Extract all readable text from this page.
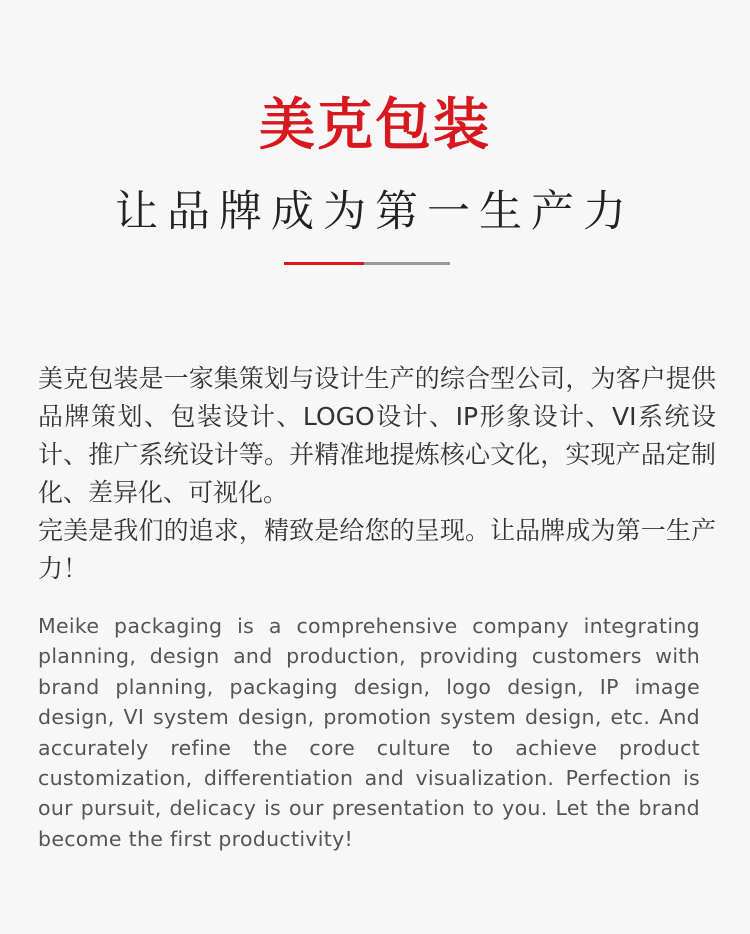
美克包装
让品牌成为第一生产力

美克包装是一家集策划与设计生产的综合型公司，为客户提供品牌策划、包装设计、LOGO设计、IP形象设计、VI系统设计、推广系统设计等。并精准地提炼核心文化，实现产品定制化、差异化、可视化。

完美是我们的追求，精致是给您的呈现。让品牌成为第一生产力！

Meike packaging is a comprehensive company integrating planning, design and production, providing customers with brand planning, packaging design, logo design, IP image design, VI system design, promotion system design, etc. And accurately refine the core culture to achieve product customization, differentiation and visualization. Perfection is our pursuit, delicacy is our presentation to you. Let the brand become the first productivity!
